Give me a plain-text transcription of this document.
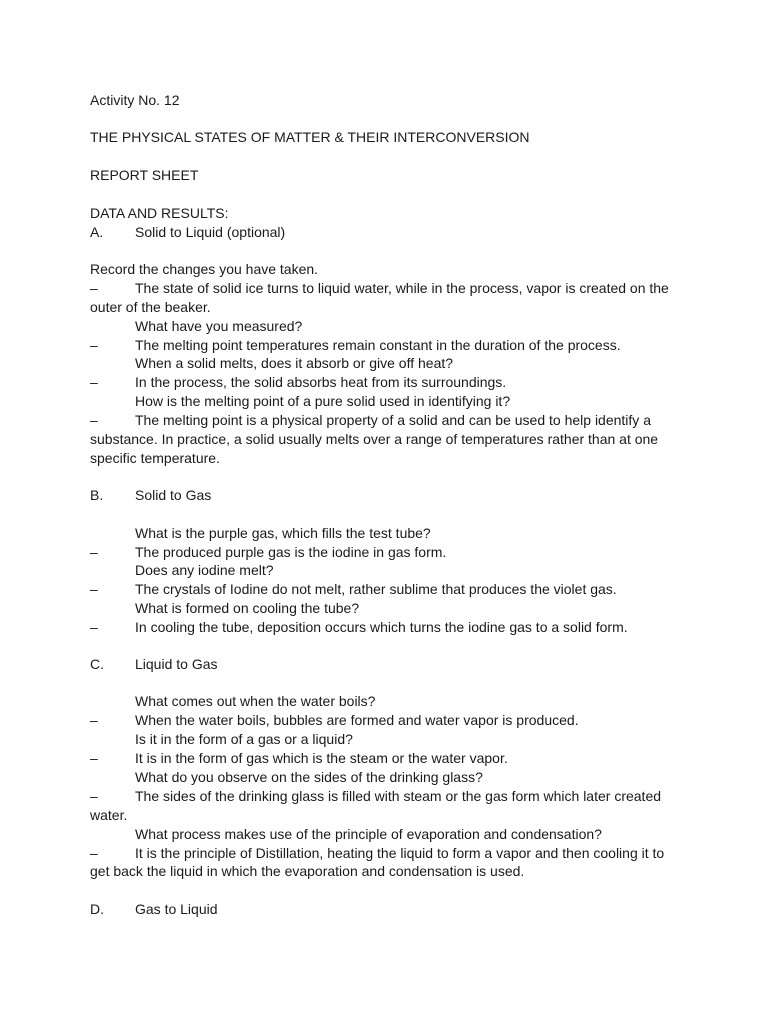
Activity No. 12
THE PHYSICAL STATES OF MATTER & THEIR INTERCONVERSION
REPORT SHEET
DATA AND RESULTS:
A. Solid to Liquid (optional)
Record the changes you have taken.
–	The state of solid ice turns to liquid water, while in the process, vapor is created on the
outer of the beaker.
What have you measured?
–	The melting point temperatures remain constant in the duration of the process.
When a solid melts, does it absorb or give off heat?
–	In the process, the solid absorbs heat from its surroundings.
How is the melting point of a pure solid used in identifying it?
–	The melting point is a physical property of a solid and can be used to help identify a
substance. In practice, a solid usually melts over a range of temperatures rather than at one
specific temperature.
B. Solid to Gas
What is the purple gas, which fills the test tube?
–	The produced purple gas is the iodine in gas form.
Does any iodine melt?
–	The crystals of Iodine do not melt, rather sublime that produces the violet gas.
What is formed on cooling the tube?
–	In cooling the tube, deposition occurs which turns the iodine gas to a solid form.
C. Liquid to Gas
What comes out when the water boils?
–	When the water boils, bubbles are formed and water vapor is produced.
Is it in the form of a gas or a liquid?
–	It is in the form of gas which is the steam or the water vapor.
What do you observe on the sides of the drinking glass?
–	The sides of the drinking glass is filled with steam or the gas form which later created
water.
What process makes use of the principle of evaporation and condensation?
–	It is the principle of Distillation, heating the liquid to form a vapor and then cooling it to
get back the liquid in which the evaporation and condensation is used.
D. Gas to Liquid
